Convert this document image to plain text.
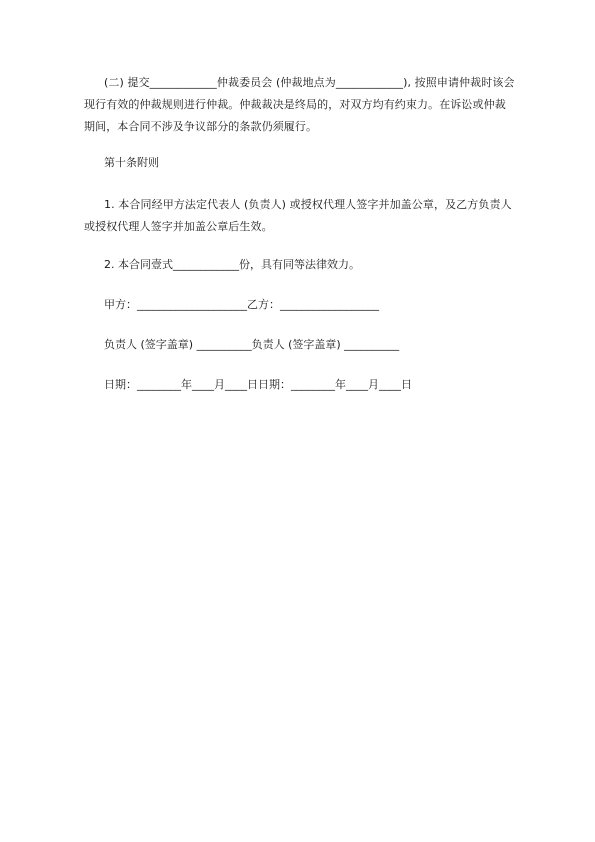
(二) 提交____________仲裁委员会 (仲裁地点为____________), 按照申请仲裁时该会现行有效的仲裁规则进行仲裁。仲裁裁决是终局的，对双方均有约束力。在诉讼或仲裁期间，本合同不涉及争议部分的条款仍须履行。
第十条附则
1. 本合同经甲方法定代表人 (负责人) 或授权代理人签字并加盖公章，及乙方负责人或授权代理人签字并加盖公章后生效。
2. 本合同壹式____________份，具有同等法律效力。
甲方：____________________乙方：__________________
负责人 (签字盖章) __________负责人 (签字盖章) __________
日期：________年____月____日日期：________年____月____日
